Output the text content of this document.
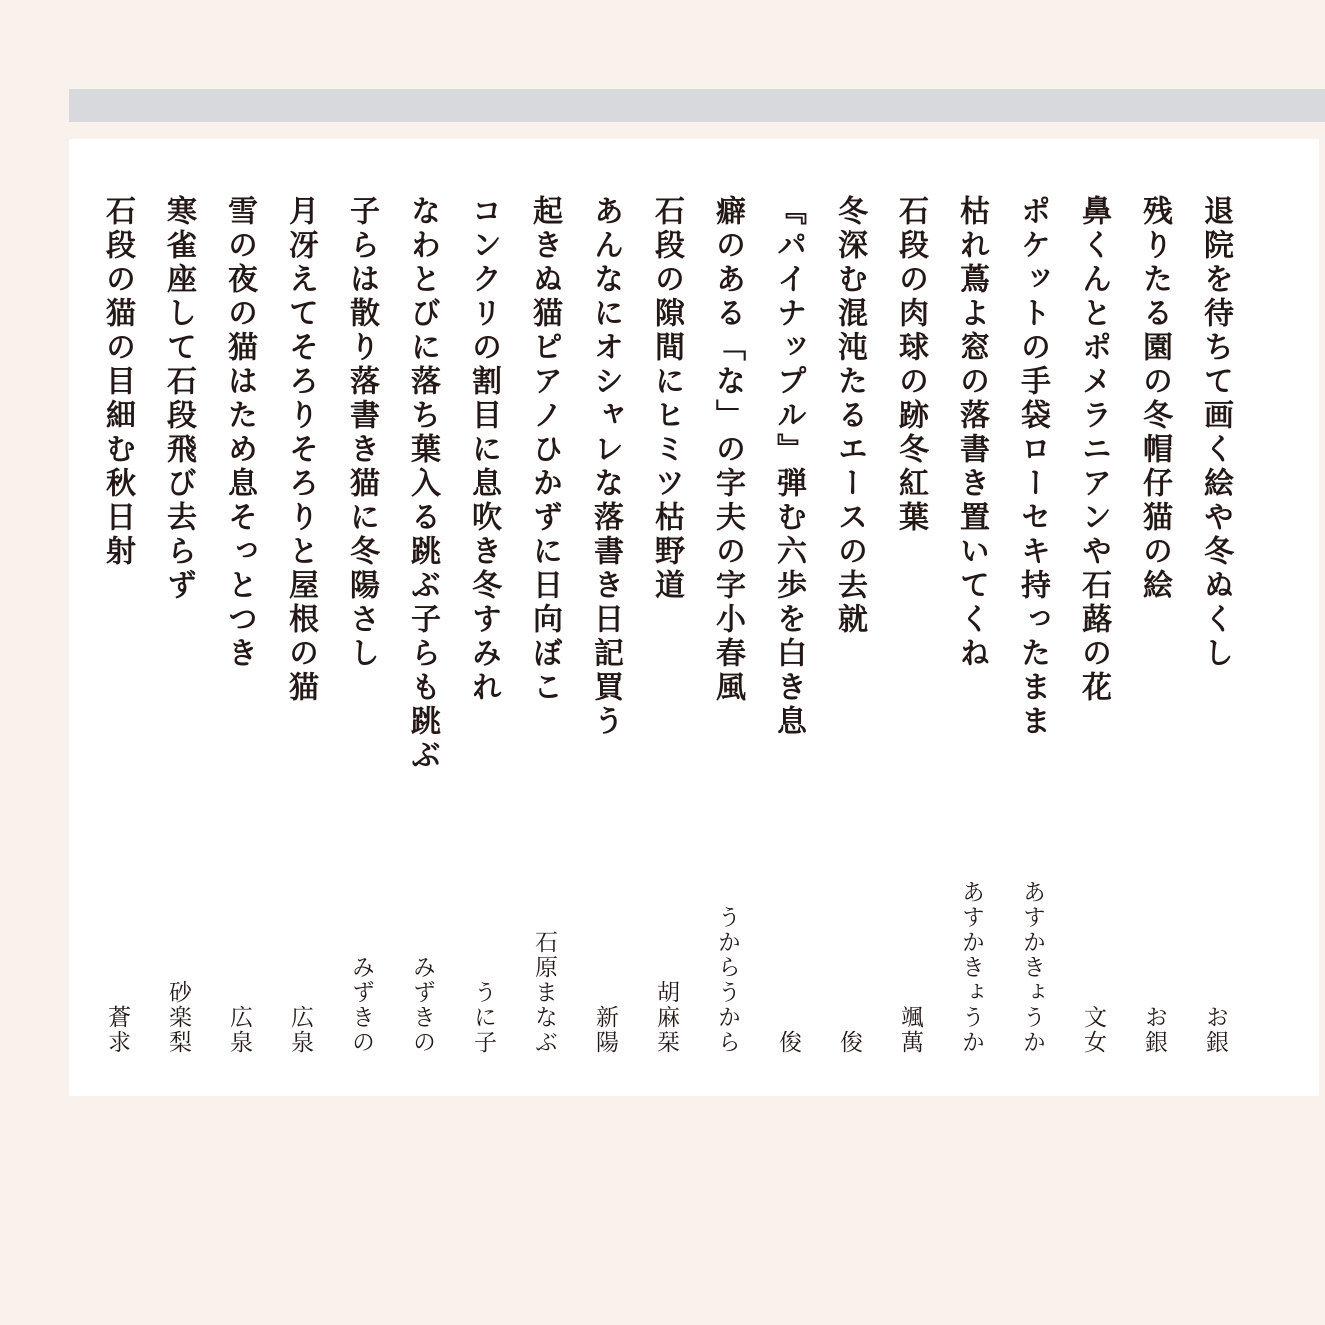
退院を待ちて画く絵や冬ぬくし
お銀
残りたる園の冬帽仔猫の絵
お銀
鼻くんとポメラニアンや石蕗の花
文女
ポケットの手袋ローセキ持ったまま
あすかきょうか
枯れ蔦よ窓の落書き置いてくね
あすかきょうか
石段の肉球の跡冬紅葉
颯萬
冬深む混沌たるエースの去就
俊
『パイナップル』弾む六歩を白き息
俊
癖のある「な」の字夫の字小春風
うからうから
石段の隙間にヒミツ枯野道
胡麻栞
あんなにオシャレな落書き日記買う
新陽
起きぬ猫ピアノひかずに日向ぼこ
石原まなぶ
コンクリの割目に息吹き冬すみれ
うに子
なわとびに落ち葉入る跳ぶ子らも跳ぶ
みずきの
子らは散り落書き猫に冬陽さし
みずきの
月冴えてそろりそろりと屋根の猫
広泉
雪の夜の猫はため息そっとつき
広泉
寒雀座して石段飛び去らず
砂楽梨
石段の猫の目細む秋日射
蒼求
